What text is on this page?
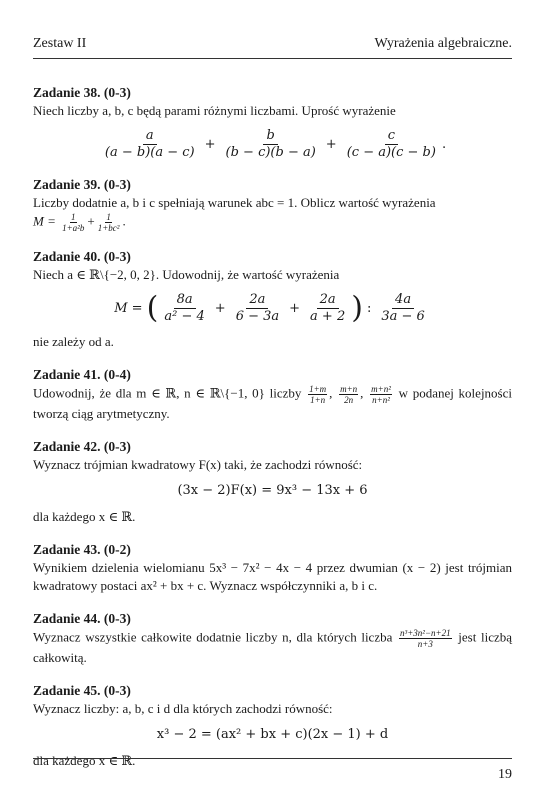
Zestaw II	Wyrażenia algebraiczne.
Zadanie 38. (0-3)
Niech liczby a, b, c będą parami różnymi liczbami. Uprość wyrażenie
$\frac{a}{(a - b)(a - c)} + \frac{b}{(b - c)(b - a)} + \frac{c}{(c - a)(c - b)}$ .
Zadanie 39. (0-3)
Liczby dodatnie a, b i c spełniają warunek abc = 1. Oblicz wartość wyrażenia
$M = \frac{1}{\text{1+a²b}} + \frac{1}{\text{1+bc²}}$ .
Zadanie 40. (0-3)
Niech a ∈ ℝ\{−2, 0, 2}. Udowodnij, że wartość wyrażenia
M = ( $\frac{8a}{\text{a² − 4}} + \frac{2a}{6 - 3a} + \frac{2a}{a + 2}$ ) : $\frac{4a}{3a - 6}$
nie zależy od a.
Zadanie 41. (0-4)
Udowodnij, że dla m ∈ ℝ, n ∈ ℝ\{−1, 0} liczby $\frac{1+m}{1+n}$ , $\frac{m+n}{2n}$ , $\frac{\text{m+n²}}{\text{n+n²}}$ w podanej kolejności tworzą ciąg arytmetyczny.
Zadanie 42. (0-3)
Wyznacz trójmian kwadratowy F(x) taki, że zachodzi równość:
(3x − 2)F(x) = 9x³ − 13x + 6
dla każdego x ∈ ℝ.
Zadanie 43. (0-2)
Wynikiem dzielenia wielomianu 5x³ − 7x² − 4x − 4 przez dwumian (x − 2) jest trójmian kwadratowy postaci ax² + bx + c. Wyznacz współczynniki a, b i c.
Zadanie 44. (0-3)
Wyznacz wszystkie całkowite dodatnie liczby n, dla których liczba $\frac{\text{n³+3n²−n+21}}{n+3}$ jest liczbą całkowitą.
Zadanie 45. (0-3)
Wyznacz liczby: a, b, c i d dla których zachodzi równość:
x³ − 2 = (ax² + bx + c)(2x − 1) + d
dla każdego x ∈ ℝ.
19
